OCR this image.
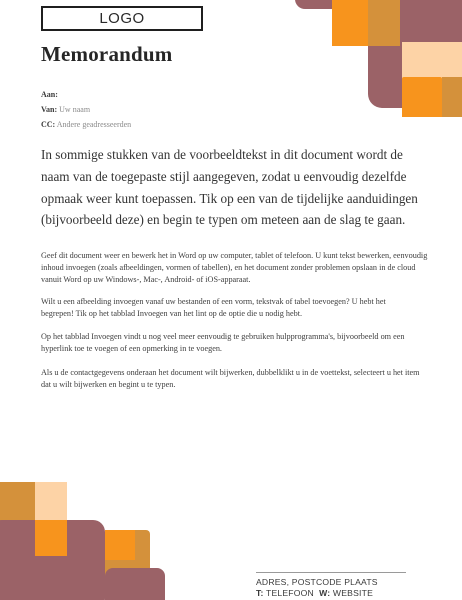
LOGO
Memorandum
Aan:
Van: Uw naam
CC: Andere geadresseerden
In sommige stukken van de voorbeeldtekst in dit document wordt de naam van de toegepaste stijl aangegeven, zodat u eenvoudig dezelfde opmaak weer kunt toepassen. Tik op een van de tijdelijke aanduidingen (bijvoorbeeld deze) en begin te typen om meteen aan de slag te gaan.
Geef dit document weer en bewerk het in Word op uw computer, tablet of telefoon. U kunt tekst bewerken, eenvoudig inhoud invoegen (zoals afbeeldingen, vormen of tabellen), en het document zonder problemen opslaan in de cloud vanuit Word op uw Windows-, Mac-, Android- of iOS-apparaat.
Wilt u een afbeelding invoegen vanaf uw bestanden of een vorm, tekstvak of tabel toevoegen? U hebt het begrepen! Tik op het tabblad Invoegen van het lint op de optie die u nodig hebt.
Op het tabblad Invoegen vindt u nog veel meer eenvoudig te gebruiken hulpprogramma's, bijvoorbeeld om een hyperlink toe te voegen of een opmerking in te voegen.
Als u de contactgegevens onderaan het document wilt bijwerken, dubbelklikt u in de voettekst, selecteert u het item dat u wilt bijwerken en begint u te typen.
ADRES, POSTCODE PLAATS
T: TELEFOON W: WEBSITE
